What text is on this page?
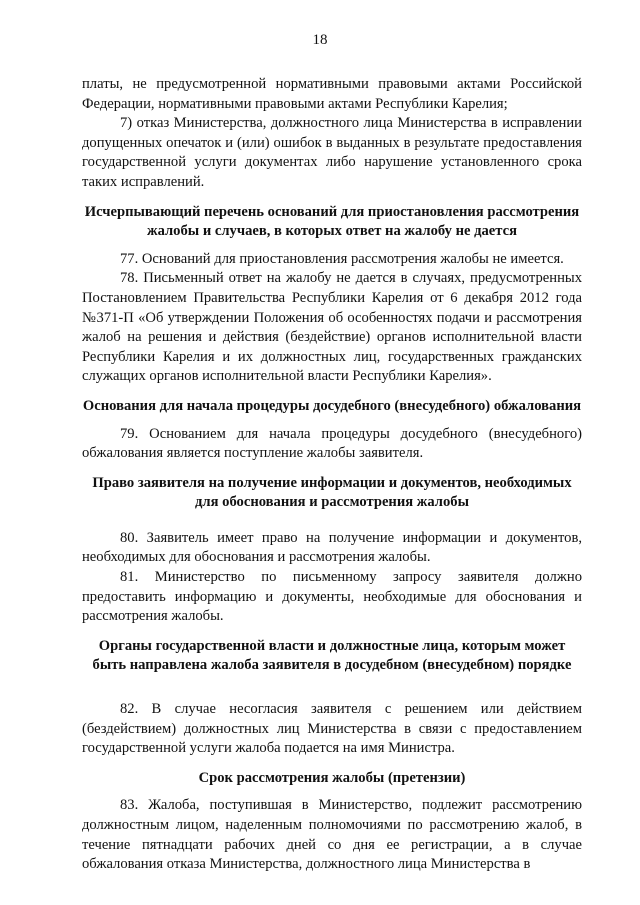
18

платы, не предусмотренной нормативными правовыми актами Российской Федерации, нормативными правовыми актами Республики Карелия;

7) отказ Министерства, должностного лица Министерства в исправлении допущенных опечаток и (или) ошибок в выданных в результате предоставления государственной услуги документах либо нарушение установленного срока таких исправлений.

Исчерпывающий перечень оснований для приостановления рассмотрения жалобы и случаев, в которых ответ на жалобу не дается

77. Оснований для приостановления рассмотрения жалобы не имеется.

78. Письменный ответ на жалобу не дается в случаях, предусмотренных Постановлением Правительства Республики Карелия от 6 декабря 2012 года №371-П «Об утверждении Положения об особенностях подачи и рассмотрения жалоб на решения и действия (бездействие) органов исполнительной власти Республики Карелия и их должностных лиц, государственных гражданских служащих органов исполнительной власти Республики Карелия».

Основания для начала процедуры досудебного (внесудебного) обжалования

79. Основанием для начала процедуры досудебного (внесудебного) обжалования является поступление жалобы заявителя.

Право заявителя на получение информации и документов, необходимых для обоснования и рассмотрения жалобы

80. Заявитель имеет право на получение информации и документов, необходимых для обоснования и рассмотрения жалобы.

81. Министерство по письменному запросу заявителя должно предоставить информацию и документы, необходимые для обоснования и рассмотрения жалобы.

Органы государственной власти и должностные лица, которым может быть направлена жалоба заявителя в досудебном (внесудебном) порядке

82. В случае несогласия заявителя с решением или действием (бездействием) должностных лиц Министерства в связи с предоставлением государственной услуги жалоба подается на имя Министра.

Срок рассмотрения жалобы (претензии)

83. Жалоба, поступившая в Министерство, подлежит рассмотрению должностным лицом, наделенным полномочиями по рассмотрению жалоб, в течение пятнадцати рабочих дней со дня ее регистрации, а в случае обжалования отказа Министерства, должностного лица Министерства в
